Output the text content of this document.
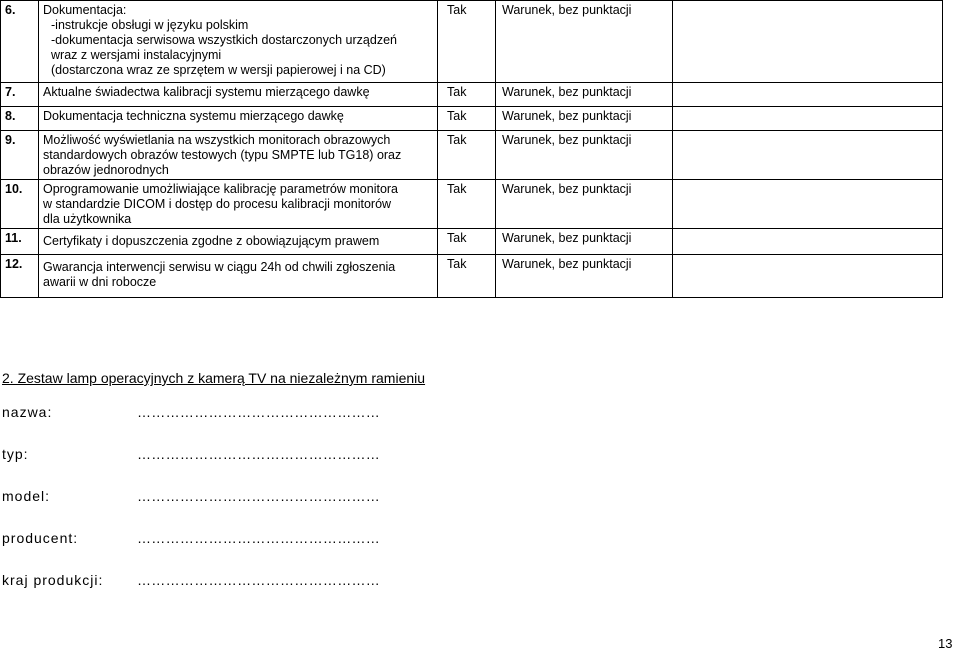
6.	Dokumentacja:
-instrukcje obsługi w języku polskim
-dokumentacja serwisowa wszystkich dostarczonych urządzeń
wraz z wersjami instalacyjnymi
(dostarczona wraz ze sprzętem w wersji papierowej i na CD)	Tak	Warunek, bez punktacji	
7.	Aktualne świadectwa kalibracji systemu mierzącego dawkę	Tak	Warunek, bez punktacji	
8.	Dokumentacja techniczna systemu mierzącego dawkę	Tak	Warunek, bez punktacji	
9.	Możliwość wyświetlania na wszystkich monitorach obrazowych
standardowych obrazów testowych (typu SMPTE lub TG18) oraz
obrazów jednorodnych	Tak	Warunek, bez punktacji	
10.	Oprogramowanie umożliwiające kalibrację parametrów monitora
w standardzie DICOM i dostęp do procesu kalibracji monitorów
dla użytkownika	Tak	Warunek, bez punktacji	
11.	Certyfikaty i dopuszczenia zgodne z obowiązującym prawem	Tak	Warunek, bez punktacji	
12.	Gwarancja interwencji serwisu w ciągu 24h od chwili zgłoszenia
awarii w dni robocze	Tak	Warunek, bez punktacji	
2. Zestaw lamp operacyjnych z kamerą TV na niezależnym ramieniu
nazwa:	……………………………………………
typ:	……………………………………………
model:	……………………………………………
producent:	……………………………………………
kraj produkcji: ……………………………………………
13
